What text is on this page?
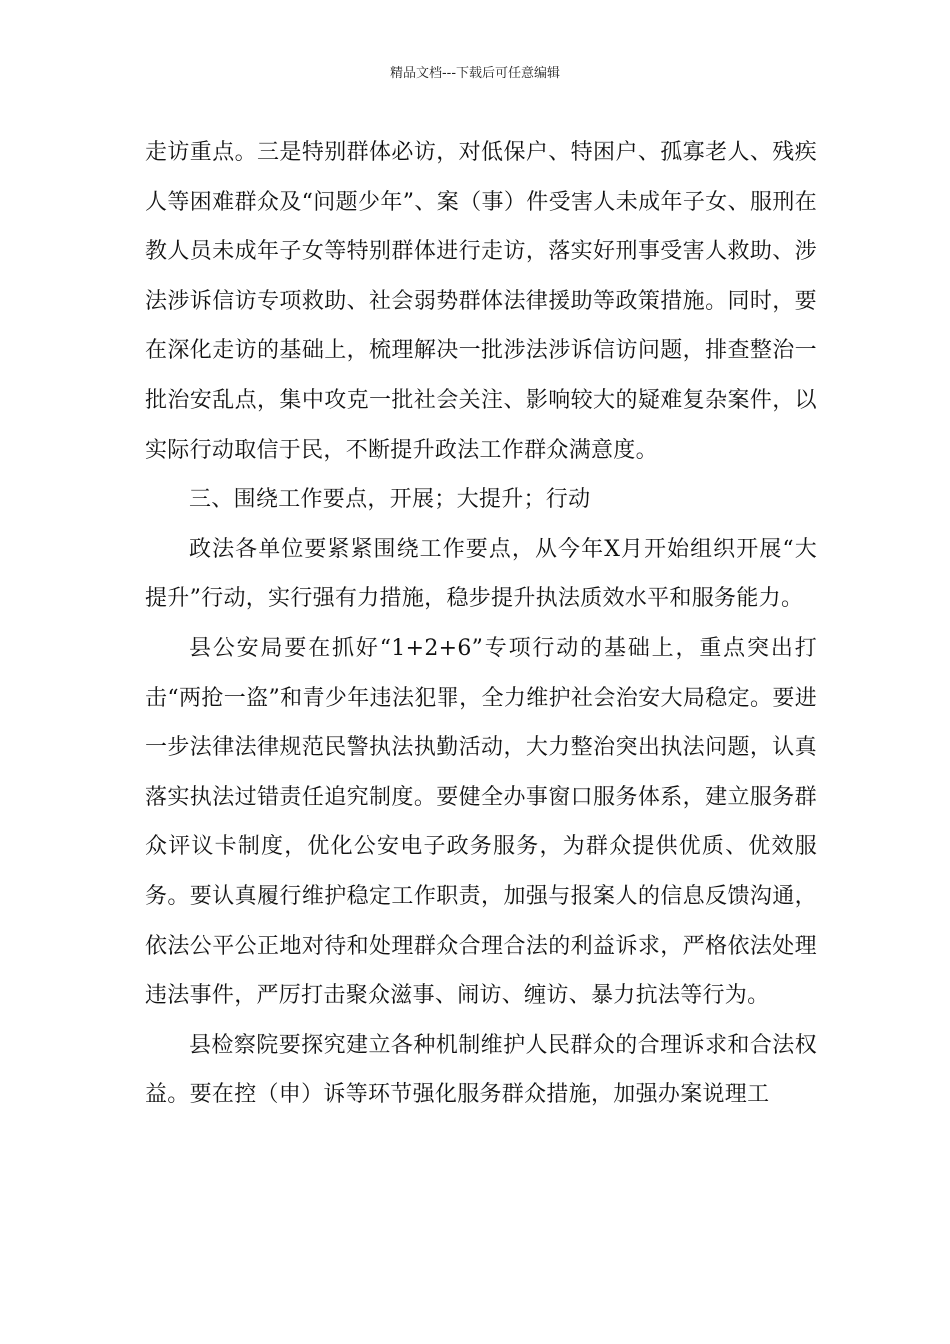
精品文档---下载后可任意编辑

走访重点。三是特别群体必访，对低保户、特困户、孤寡老人、残疾人等困难群众及“问题少年”、案（事）件受害人未成年子女、服刑在教人员未成年子女等特别群体进行走访，落实好刑事受害人救助、涉法涉诉信访专项救助、社会弱势群体法律援助等政策措施。同时，要在深化走访的基础上，梳理解决一批涉法涉诉信访问题，排查整治一批治安乱点，集中攻克一批社会关注、影响较大的疑难复杂案件，以实际行动取信于民，不断提升政法工作群众满意度。

三、围绕工作要点，开展；大提升；行动

政法各单位要紧紧围绕工作要点，从今年X月开始组织开展“大提升”行动，实行强有力措施，稳步提升执法质效水平和服务能力。

县公安局要在抓好“1+2+6”专项行动的基础上，重点突出打击“两抢一盗”和青少年违法犯罪，全力维护社会治安大局稳定。要进一步法律法律规范民警执法执勤活动，大力整治突出执法问题，认真落实执法过错责任追究制度。要健全办事窗口服务体系，建立服务群众评议卡制度，优化公安电子政务服务，为群众提供优质、优效服务。要认真履行维护稳定工作职责，加强与报案人的信息反馈沟通，依法公平公正地对待和处理群众合理合法的利益诉求，严格依法处理违法事件，严厉打击聚众滋事、闹访、缠访、暴力抗法等行为。

县检察院要探究建立各种机制维护人民群众的合理诉求和合法权益。要在控（申）诉等环节强化服务群众措施，加强办案说理工
